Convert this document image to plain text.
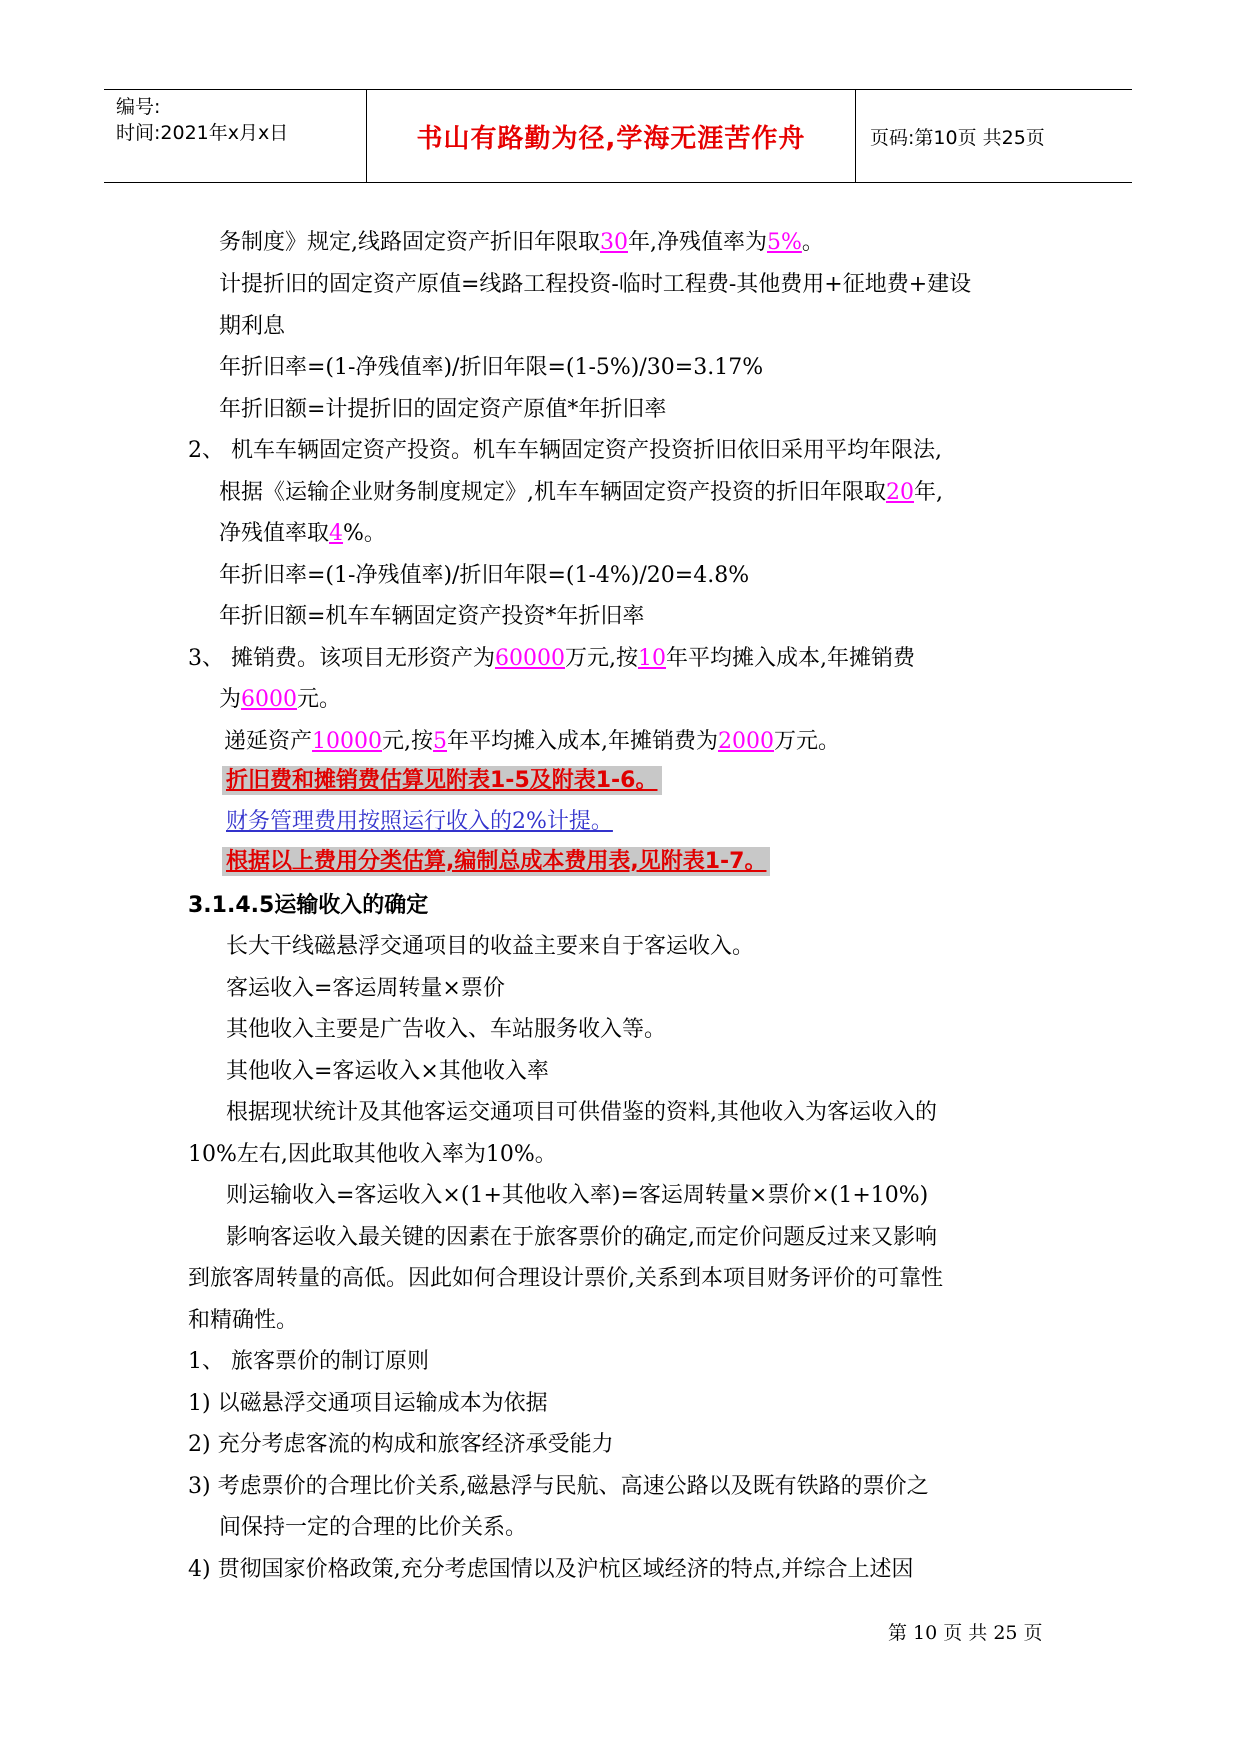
编号:
时间:2021年x月x日	书山有路勤为径,学海无涯苦作舟	页码:第10页 共25页
务制度》规定,线路固定资产折旧年限取30年,净残值率为5%。
计提折旧的固定资产原值=线路工程投资-临时工程费-其他费用+征地费+建设
期利息
年折旧率=(1-净残值率)/折旧年限=(1-5%)/30=3.17%
年折旧额=计提折旧的固定资产原值*年折旧率
2、 机车车辆固定资产投资。机车车辆固定资产投资折旧依旧采用平均年限法,
根据《运输企业财务制度规定》,机车车辆固定资产投资的折旧年限取20年,
净残值率取4%。
年折旧率=(1-净残值率)/折旧年限=(1-4%)/20=4.8%
年折旧额=机车车辆固定资产投资*年折旧率
3、 摊销费。该项目无形资产为60000万元,按10年平均摊入成本,年摊销费
为6000元。
递延资产10000元,按5年平均摊入成本,年摊销费为2000万元。
折旧费和摊销费估算见附表1-5及附表1-6。
财务管理费用按照运行收入的2%计提。
根据以上费用分类估算,编制总成本费用表,见附表1-7。
3.1.4.5运输收入的确定
长大干线磁悬浮交通项目的收益主要来自于客运收入。
客运收入=客运周转量×票价
其他收入主要是广告收入、车站服务收入等。
其他收入=客运收入×其他收入率
根据现状统计及其他客运交通项目可供借鉴的资料,其他收入为客运收入的
10%左右,因此取其他收入率为10%。
则运输收入=客运收入×(1+其他收入率)=客运周转量×票价×(1+10%)
影响客运收入最关键的因素在于旅客票价的确定,而定价问题反过来又影响
到旅客周转量的高低。因此如何合理设计票价,关系到本项目财务评价的可靠性
和精确性。
1、 旅客票价的制订原则
1) 以磁悬浮交通项目运输成本为依据
2) 充分考虑客流的构成和旅客经济承受能力
3) 考虑票价的合理比价关系,磁悬浮与民航、高速公路以及既有铁路的票价之
间保持一定的合理的比价关系。
4) 贯彻国家价格政策,充分考虑国情以及沪杭区域经济的特点,并综合上述因
第 10 页 共 25 页
